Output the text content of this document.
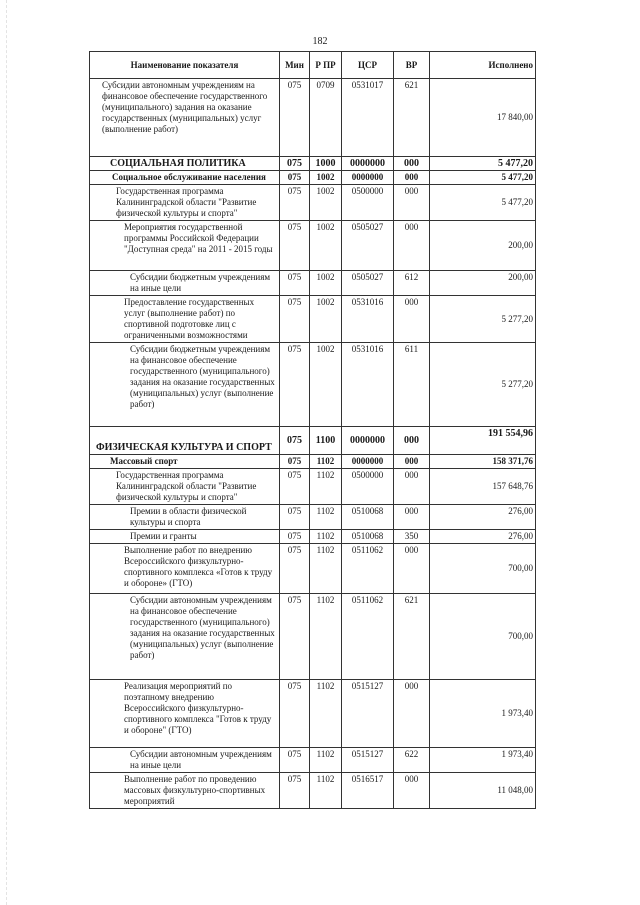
182
Наименование показателя	Мин	Р ПР	ЦСР	ВР	Исполнено
Субсидии автономным учреждениям на финансовое обеспечение государственного (муниципального) задания на оказание государственных (муниципальных) услуг (выполнение работ)	075	0709	0531017	621	17 840,00
СОЦИАЛЬНАЯ ПОЛИТИКА	075	1000	0000000	000	5 477,20
Социальное обслуживание населения	075	1002	0000000	000	5 477,20
Государственная программа Калининградской области "Развитие физической культуры и спорта"	075	1002	0500000	000	5 477,20
Мероприятия государственной программы Российской Федерации "Доступная среда" на 2011 - 2015 годы	075	1002	0505027	000	200,00
Субсидии бюджетным учреждениям на иные цели	075	1002	0505027	612	200,00
Предоставление государственных услуг (выполнение работ) по спортивной подготовке лиц с ограниченными возможностями	075	1002	0531016	000	5 277,20
Субсидии бюджетным учреждениям на финансовое обеспечение государственного (муниципального) задания на оказание государственных (муниципальных) услуг (выполнение работ)	075	1002	0531016	611	5 277,20
ФИЗИЧЕСКАЯ КУЛЬТУРА И СПОРТ	075	1100	0000000	000	191 554,96
Массовый спорт	075	1102	0000000	000	158 371,76
Государственная программа Калининградской области "Развитие физической культуры и спорта"	075	1102	0500000	000	157 648,76
Премии в области физической культуры и спорта	075	1102	0510068	000	276,00
Премии и гранты	075	1102	0510068	350	276,00
Выполнение работ по внедрению Всероссийского физкультурно-спортивного комплекса «Готов к труду и обороне» (ГТО)	075	1102	0511062	000	700,00
Субсидии автономным учреждениям на финансовое обеспечение государственного (муниципального) задания на оказание государственных (муниципальных) услуг (выполнение работ)	075	1102	0511062	621	700,00
Реализация мероприятий по поэтапному внедрению Всероссийского физкультурно-спортивного комплекса "Готов к труду и обороне" (ГТО)	075	1102	0515127	000	1 973,40
Субсидии автономным учреждениям на иные цели	075	1102	0515127	622	1 973,40
Выполнение работ по проведению массовых физкультурно-спортивных мероприятий	075	1102	0516517	000	11 048,00
